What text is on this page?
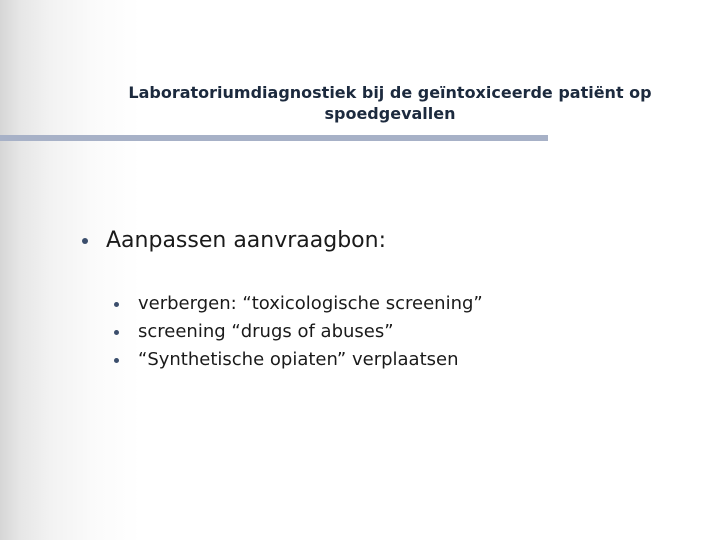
Laboratoriumdiagnostiek bij de geïntoxiceerde patiënt op spoedgevallen
Aanpassen aanvraagbon:
verbergen: “toxicologische screening”
screening “drugs of abuses”
“Synthetische opiaten” verplaatsen
